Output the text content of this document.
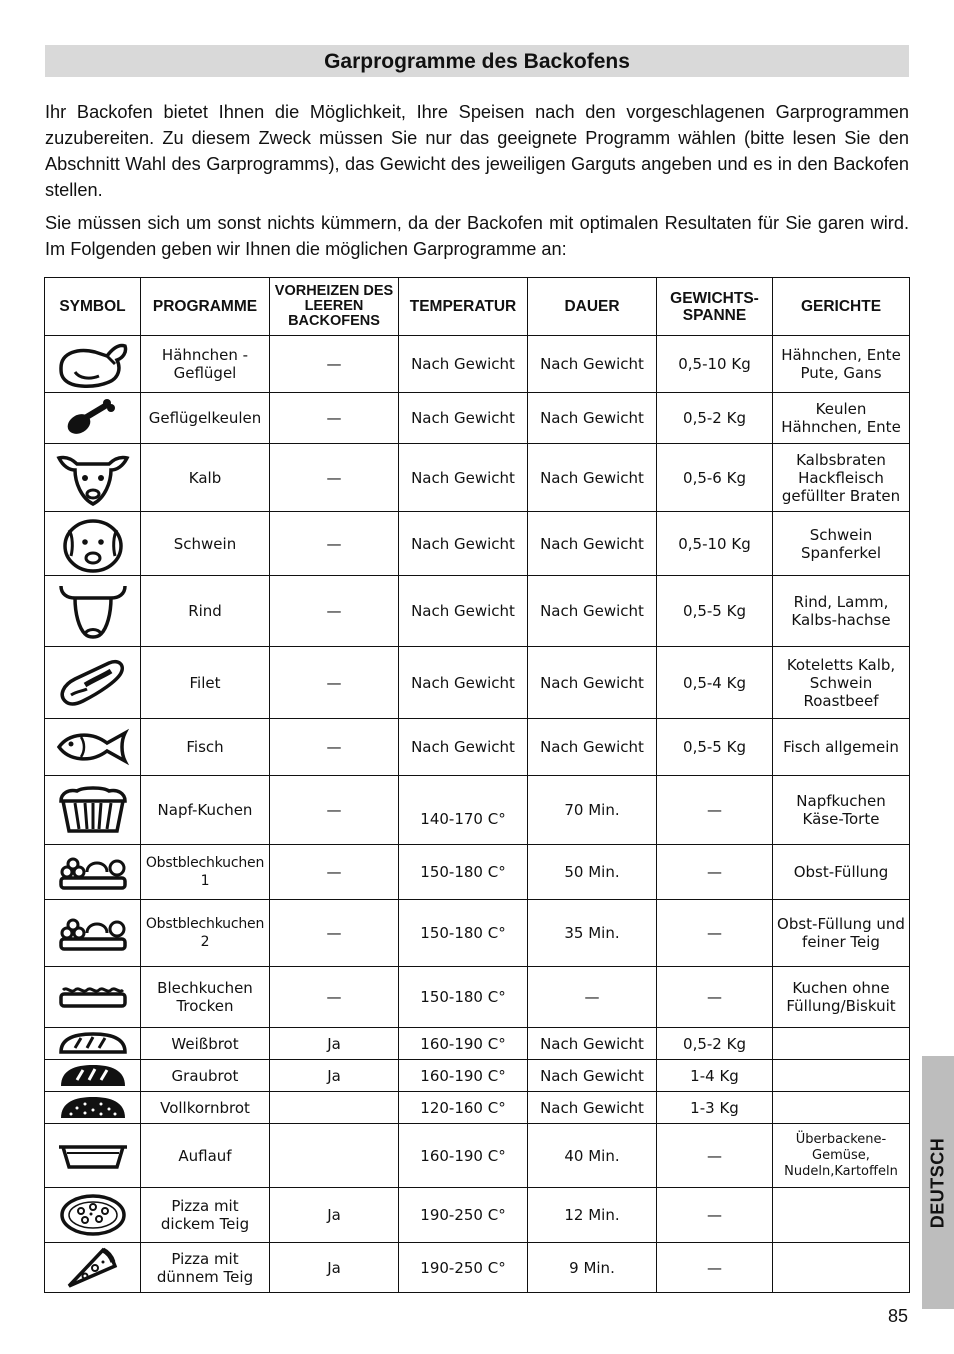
Garprogramme des Backofens

Ihr Backofen bietet Ihnen die Möglichkeit, Ihre Speisen nach den vorgeschlagenen Garprogrammen zuzubereiten. Zu diesem Zweck müssen Sie nur das geeignete Programm wählen (bitte lesen Sie den Abschnitt Wahl des Garprogramms), das Gewicht des jeweiligen Garguts angeben und es in den Backofen stellen.

Sie müssen sich um sonst nichts kümmern, da der Backofen mit optimalen Resultaten für Sie garen wird. Im Folgenden geben wir Ihnen die möglichen Garprogramme an:

SYMBOL	PROGRAMME	VORHEIZEN DES LEEREN BACKOFENS	TEMPERATUR	DAUER	GEWICHTS- SPANNE	GERICHTE

	Hähnchen - Geflügel	—	Nach Gewicht	Nach Gewicht	0,5-10 Kg	Hähnchen, Ente Pute, Gans

	Geflügelkeulen	—	Nach Gewicht	Nach Gewicht	0,5-2 Kg	Keulen Hähnchen, Ente

	Kalb	—	Nach Gewicht	Nach Gewicht	0,5-6 Kg	Kalbsbraten Hackfleisch gefüllter Braten

	Schwein	—	Nach Gewicht	Nach Gewicht	0,5-10 Kg	Schwein Spanferkel

	Rind	—	Nach Gewicht	Nach Gewicht	0,5-5 Kg	Rind, Lamm, Kalbs-hachse

	Filet	—	Nach Gewicht	Nach Gewicht	0,5-4 Kg	Koteletts Kalb, Schwein Roastbeef

	Fisch	—	Nach Gewicht	Nach Gewicht	0,5-5 Kg	Fisch allgemein

	Napf-Kuchen	—	140-170 C°	70 Min.	—	Napfkuchen Käse-Torte

	Obstblechkuchen 1	—	150-180 C°	50 Min.	—	Obst-Füllung

	Obstblechkuchen 2	—	150-180 C°	35 Min.	—	Obst-Füllung und feiner Teig

	Blechkuchen Trocken	—	150-180 C°	—	—	Kuchen ohne Füllung/Biskuit

	Weißbrot	Ja	160-190 C°	Nach Gewicht	0,5-2 Kg	

	Graubrot	Ja	160-190 C°	Nach Gewicht	1-4 Kg	

	Vollkornbrot		120-160 C°	Nach Gewicht	1-3 Kg	

	Auflauf		160-190 C°	40 Min.	—	Überbackene-Gemüse, Nudeln,Kartoffeln

	Pizza mit dickem Teig	Ja	190-250 C°	12 Min.	—	

	Pizza mit dünnem Teig	Ja	190-250 C°	9 Min.	—	
DEUTSCH
85
